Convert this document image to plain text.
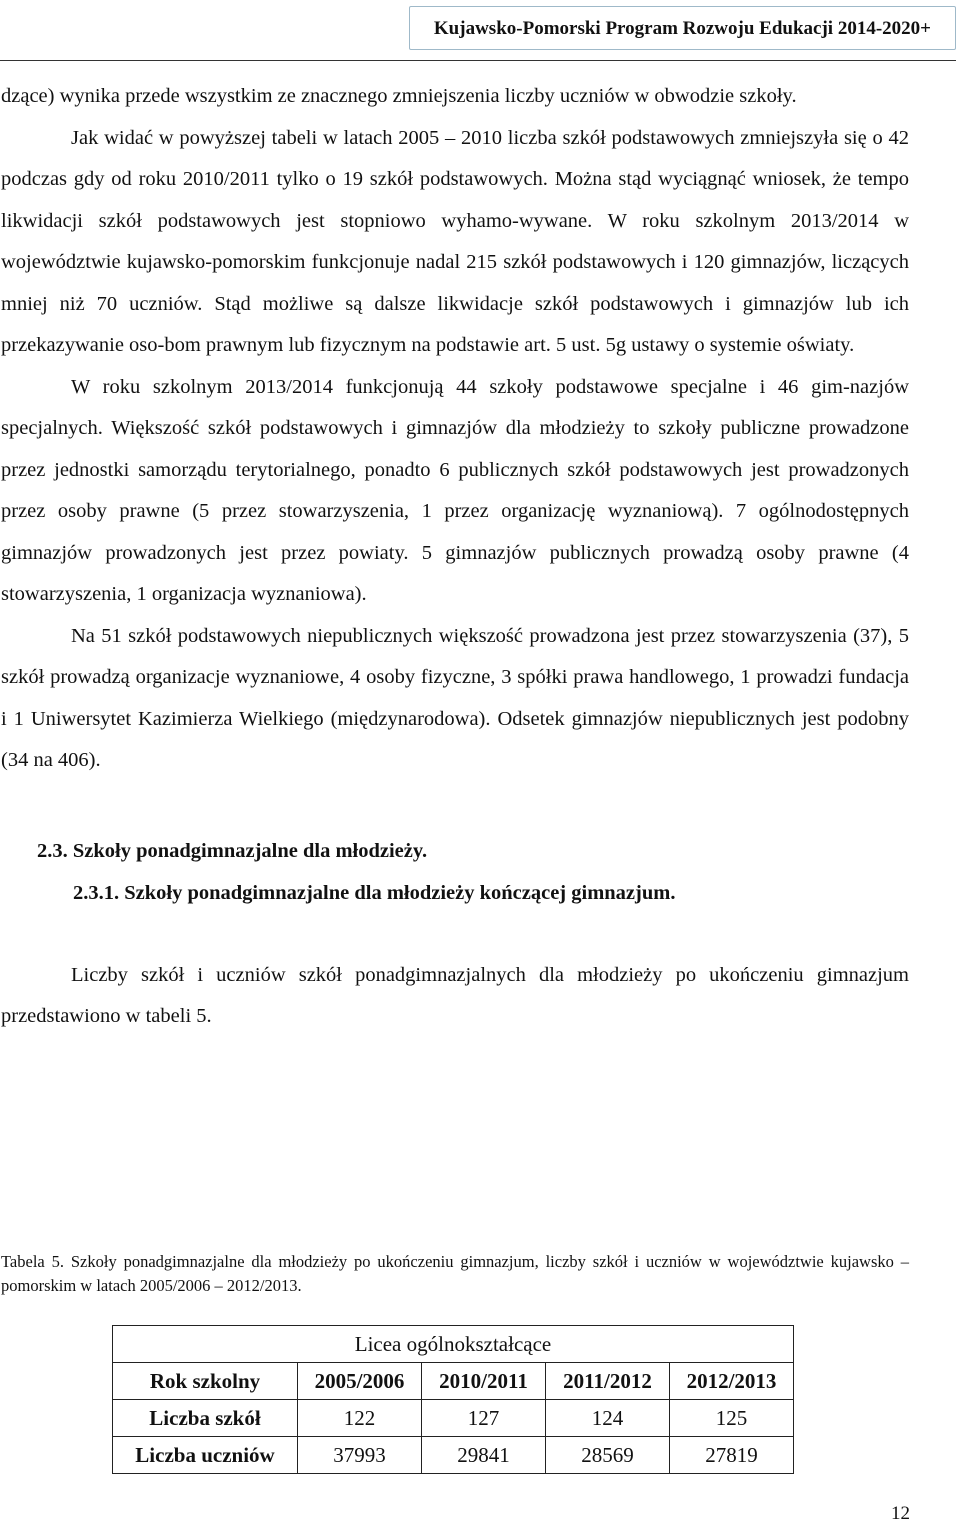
Kujawsko-Pomorski Program Rozwoju Edukacji 2014-2020+

dzące) wynika przede wszystkim ze znacznego zmniejszenia liczby uczniów w obwodzie szkoły.

Jak widać w powyższej tabeli w latach 2005 – 2010 liczba szkół podstawowych zmniejszyła się o 42 podczas gdy od roku 2010/2011 tylko o 19 szkół podstawowych. Można stąd wyciągnąć wniosek, że tempo likwidacji szkół podstawowych jest stopniowo wyhamo-wywane. W roku szkolnym 2013/2014 w województwie kujawsko-pomorskim funkcjonuje nadal 215 szkół podstawowych i 120 gimnazjów, liczących mniej niż 70 uczniów. Stąd możliwe są dalsze likwidacje szkół podstawowych i gimnazjów lub ich przekazywanie oso-bom prawnym lub fizycznym na podstawie art. 5 ust. 5g ustawy o systemie oświaty.

W roku szkolnym 2013/2014 funkcjonują 44 szkoły podstawowe specjalne i 46 gim-nazjów specjalnych. Większość szkół podstawowych i gimnazjów dla młodzieży to szkoły publiczne prowadzone przez jednostki samorządu terytorialnego, ponadto 6 publicznych szkół podstawowych jest prowadzonych przez osoby prawne (5 przez stowarzyszenia, 1 przez organizację wyznaniową). 7 ogólnodostępnych gimnazjów prowadzonych jest przez powiaty. 5 gimnazjów publicznych prowadzą osoby prawne (4 stowarzyszenia, 1 organizacja wyznaniowa).

Na 51 szkół podstawowych niepublicznych większość prowadzona jest przez stowarzyszenia (37), 5 szkół prowadzą organizacje wyznaniowe, 4 osoby fizyczne, 3 spółki prawa handlowego, 1 prowadzi fundacja i 1 Uniwersytet Kazimierza Wielkiego (międzynarodowa). Odsetek gimnazjów niepublicznych jest podobny (34 na 406).

2.3. Szkoły ponadgimnazjalne dla młodzieży.
2.3.1. Szkoły ponadgimnazjalne dla młodzieży kończącej gimnazjum.

Liczby szkół i uczniów szkół ponadgimnazjalnych dla młodzieży po ukończeniu gimnazjum przedstawiono w tabeli 5.

Tabela 5. Szkoły ponadgimnazjalne dla młodzieży po ukończeniu gimnazjum, liczby szkół i uczniów w województwie kujawsko – pomorskim w latach 2005/2006 – 2012/2013.
Licea ogólnokształcące				
Rok szkolny	2005/2006	2010/2011	2011/2012	2012/2013
Liczba szkół	122	127	124	125
Liczba uczniów	37993	29841	28569	27819
12
